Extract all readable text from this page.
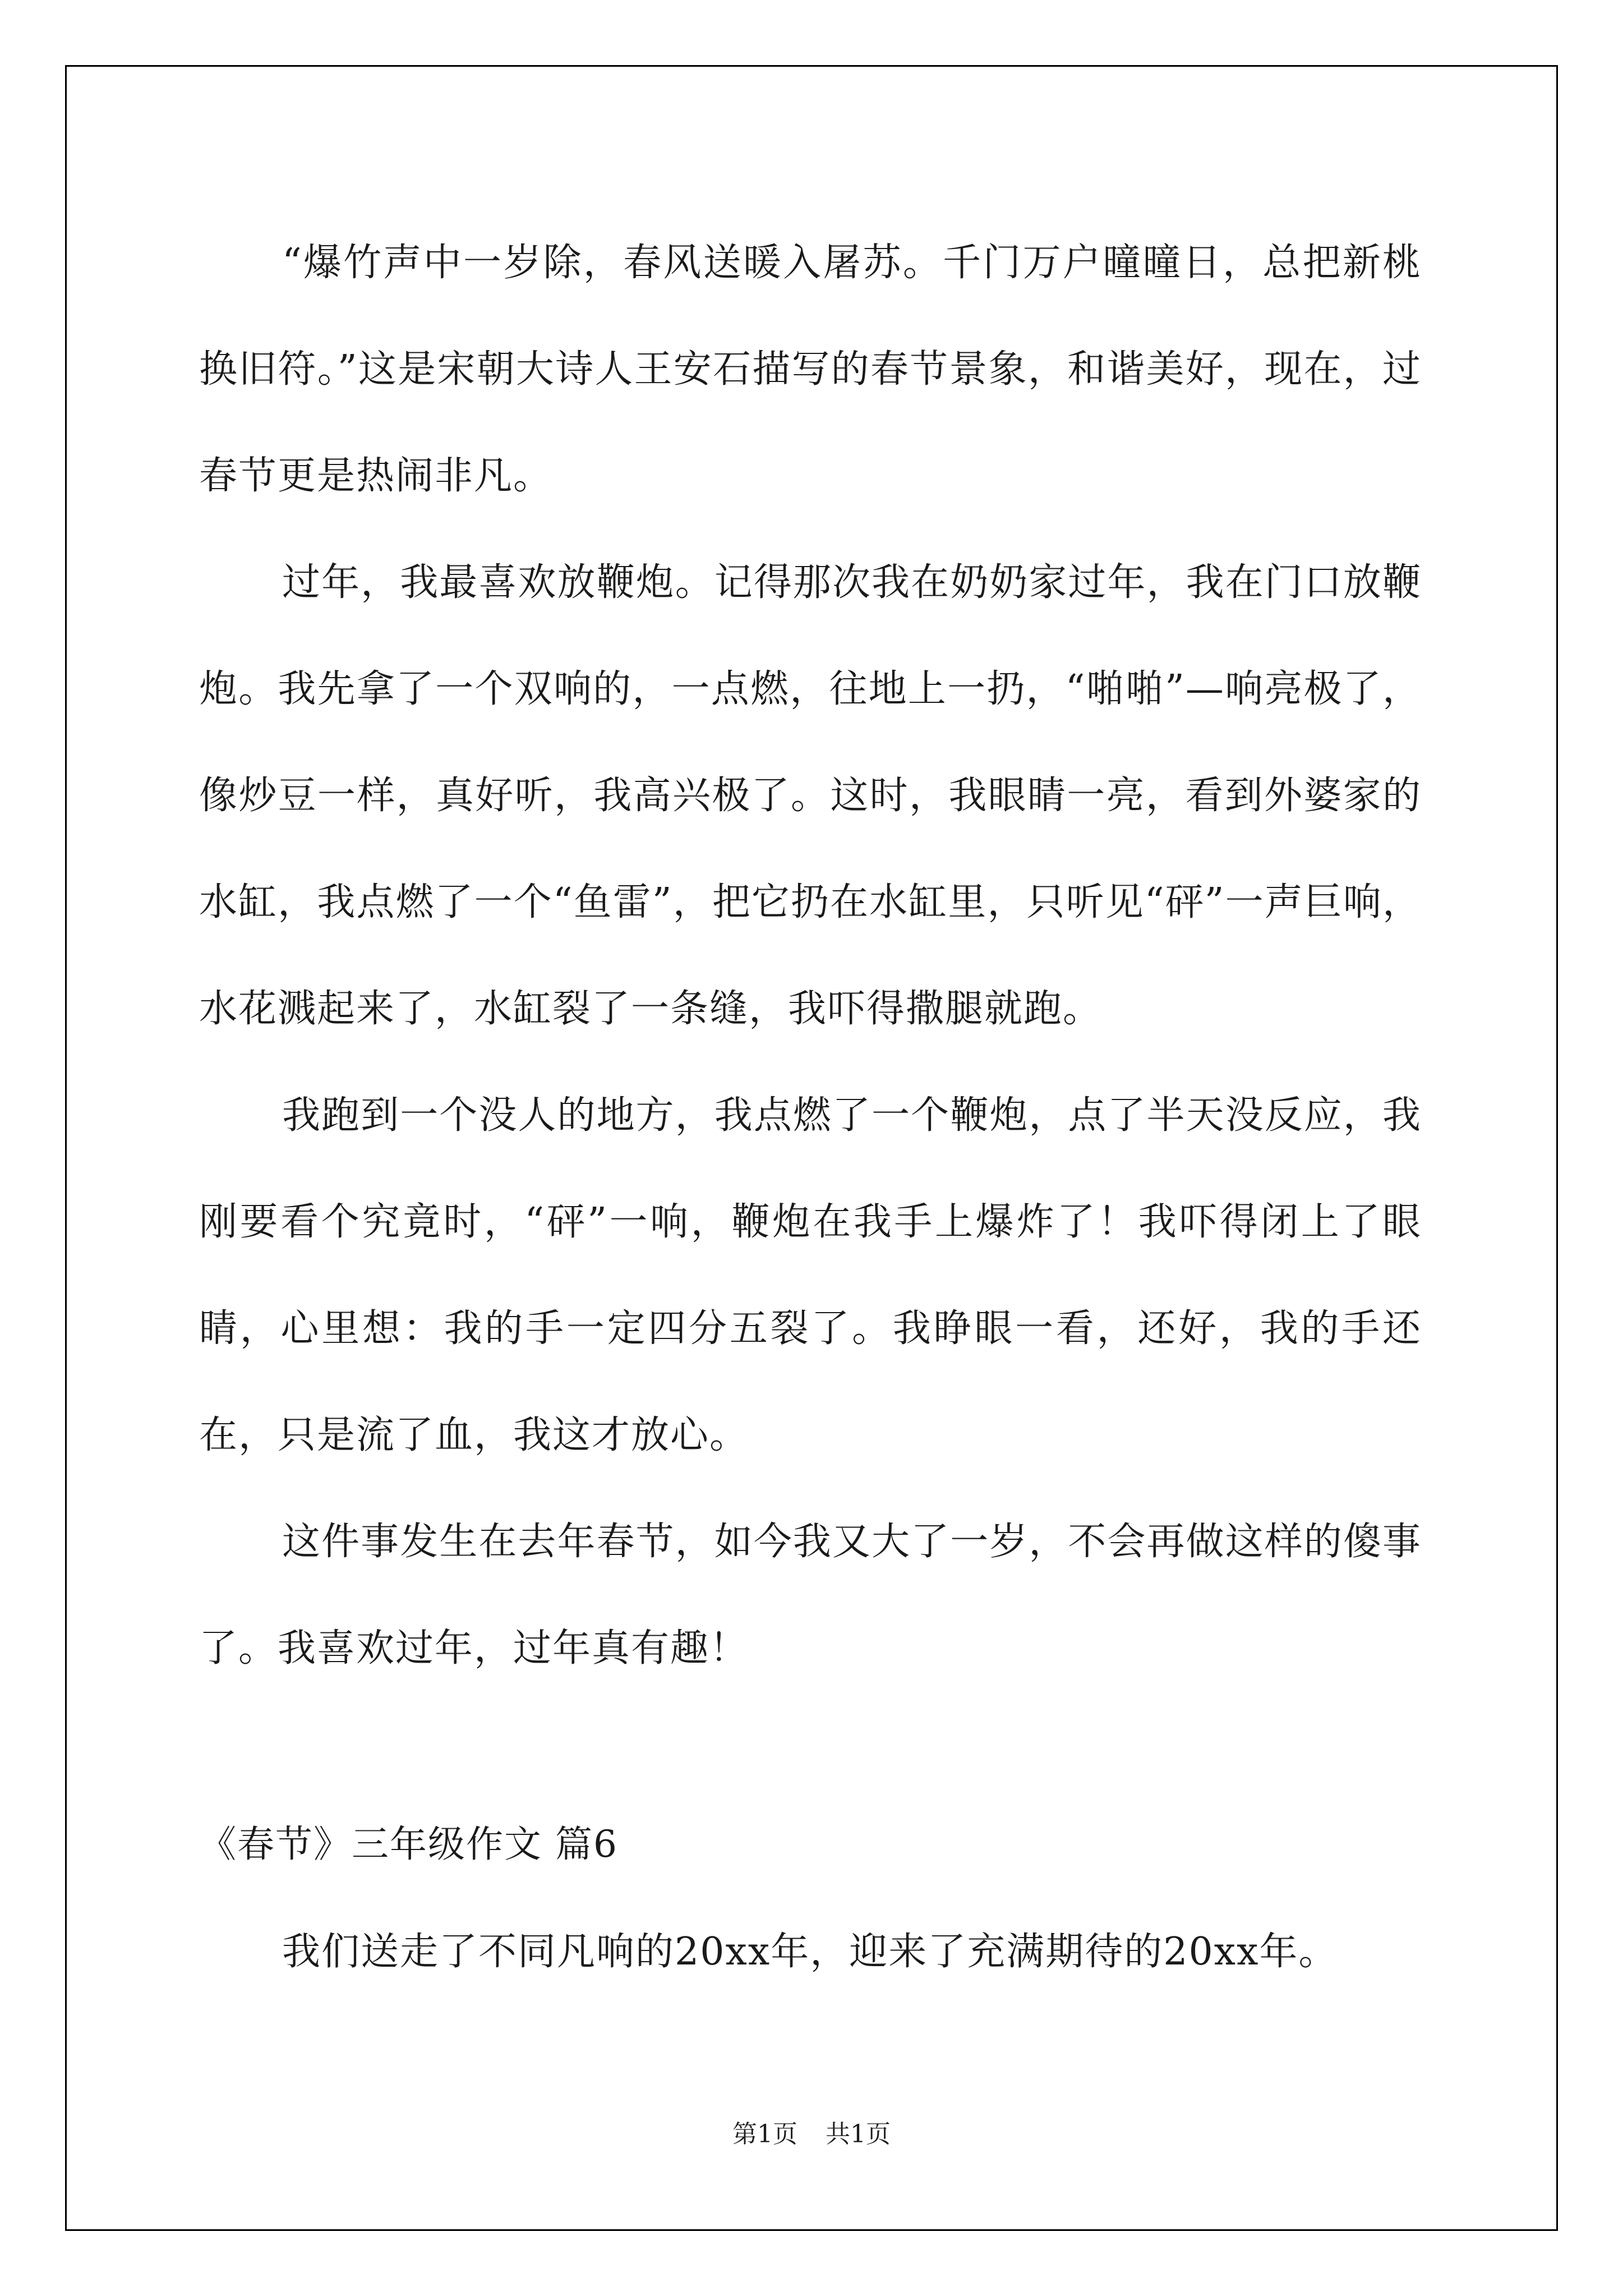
“爆竹声中一岁除，春风送暖入屠苏。千门万户曈曈日，总把新桃换旧符。”这是宋朝大诗人王安石描写的春节景象，和谐美好，现在，过春节更是热闹非凡。

过年，我最喜欢放鞭炮。记得那次我在奶奶家过年，我在门口放鞭炮。我先拿了一个双响的，一点燃，往地上一扔，“啪啪”—响亮极了，像炒豆一样，真好听，我高兴极了。这时，我眼睛一亮，看到外婆家的水缸，我点燃了一个“鱼雷”，把它扔在水缸里，只听见“砰”一声巨响，水花溅起来了，水缸裂了一条缝，我吓得撒腿就跑。

我跑到一个没人的地方，我点燃了一个鞭炮，点了半天没反应，我刚要看个究竟时，“砰”一响，鞭炮在我手上爆炸了！我吓得闭上了眼睛，心里想：我的手一定四分五裂了。我睁眼一看，还好，我的手还在，只是流了血，我这才放心。

这件事发生在去年春节，如今我又大了一岁，不会再做这样的傻事了。我喜欢过年，过年真有趣！

《春节》三年级作文 篇6

我们送走了不同凡响的20xx年，迎来了充满期待的20xx年。

第1页 共1页
